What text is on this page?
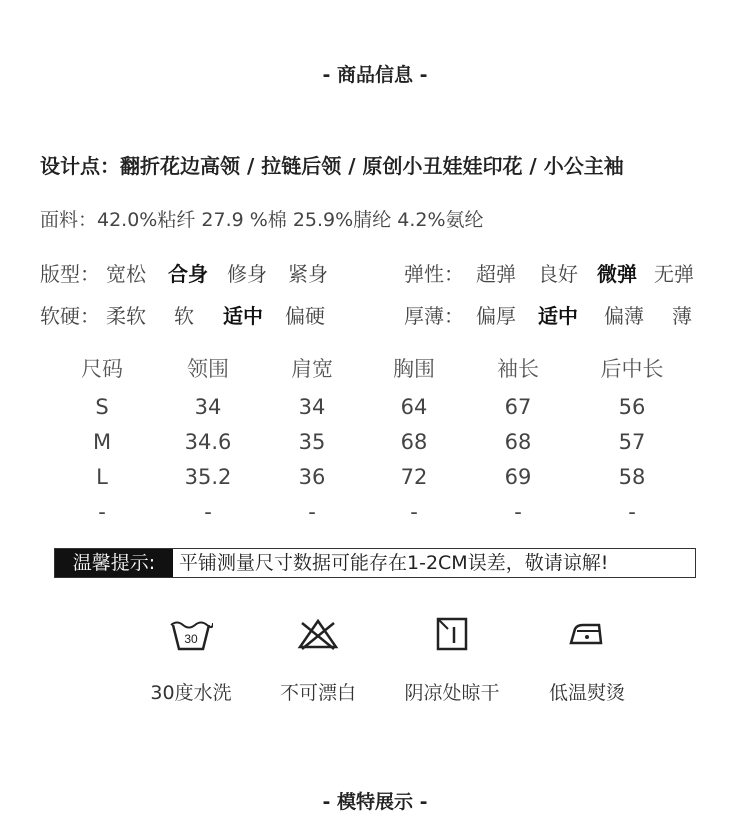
- 商品信息 -
设计点：翻折花边高领 / 拉链后领 / 原创小丑娃娃印花 / 小公主袖
面料：42.0%粘纤 27.9 %棉 25.9%腈纶 4.2%氨纶
版型： 宽松 合身 修身 紧身	弹性： 超弹 良好 微弹 无弹
软硬： 柔软 软 适中 偏硬	厚薄： 偏厚 适中 偏薄 薄
尺码	领围	肩宽	胸围	袖长	后中长
S	34	34	64	67	56
M	34.6	35	68	68	57
L	35.2	36	72	69	58
-	-	-	-	-	-
温馨提示:	平铺测量尺寸数据可能存在1-2CM误差，敬请谅解!
30
30度水洗	不可漂白	阴凉处晾干	低温熨烫
- 模特展示 -
